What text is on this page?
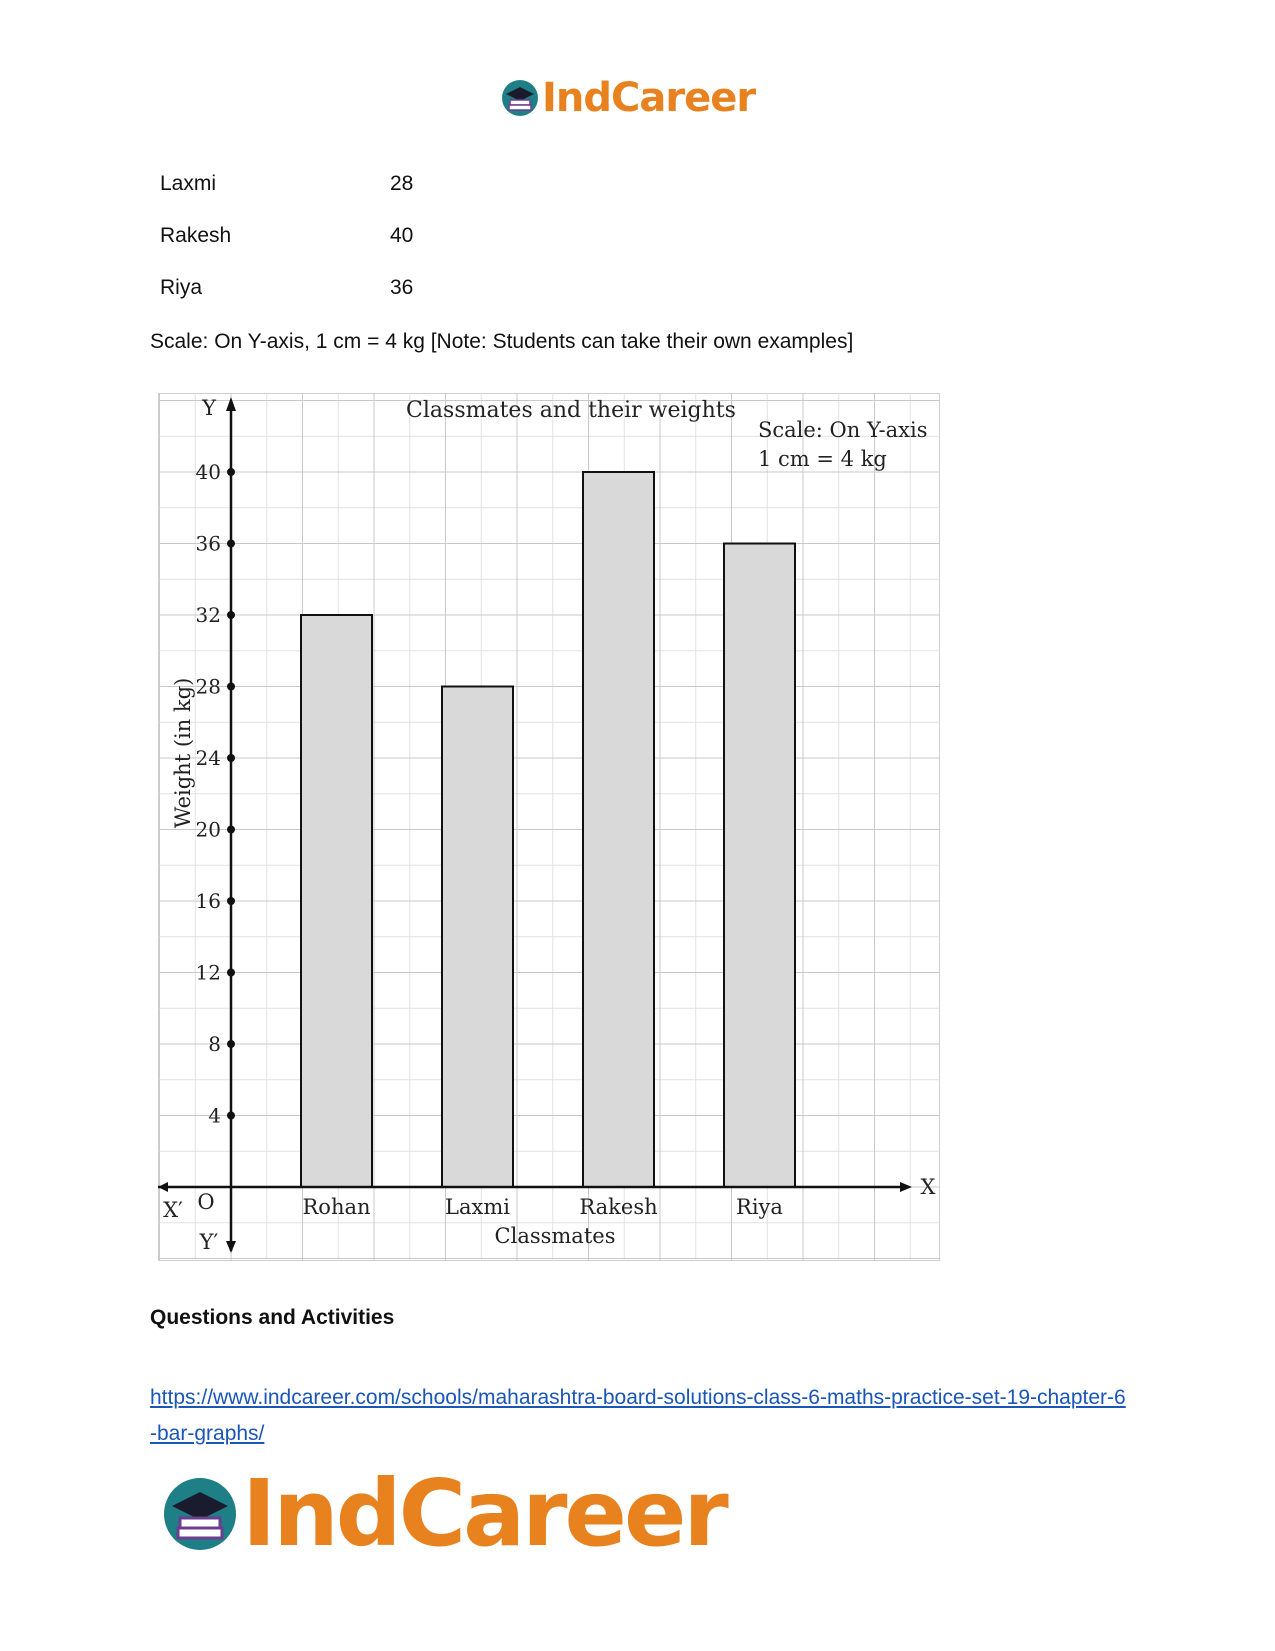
IndCareer
Laxmi	28
Rakesh	40
Riya	36
Scale: On Y-axis, 1 cm = 4 kg [Note: Students can take their own examples]
Rohan	Laxmi	Rakesh	Riya
4
8
12
16
20
24
28
32
36
40
Y
Y′
O
X′
X
Classmates and their weights
Scale: On Y-axis
1 cm = 4 kg
Classmates
Weight (in kg)
Questions and Activities
https://www.indcareer.com/schools/maharashtra-board-solutions-class-6-maths-practice-set-19-chapter-6-bar-graphs/
IndCareer
